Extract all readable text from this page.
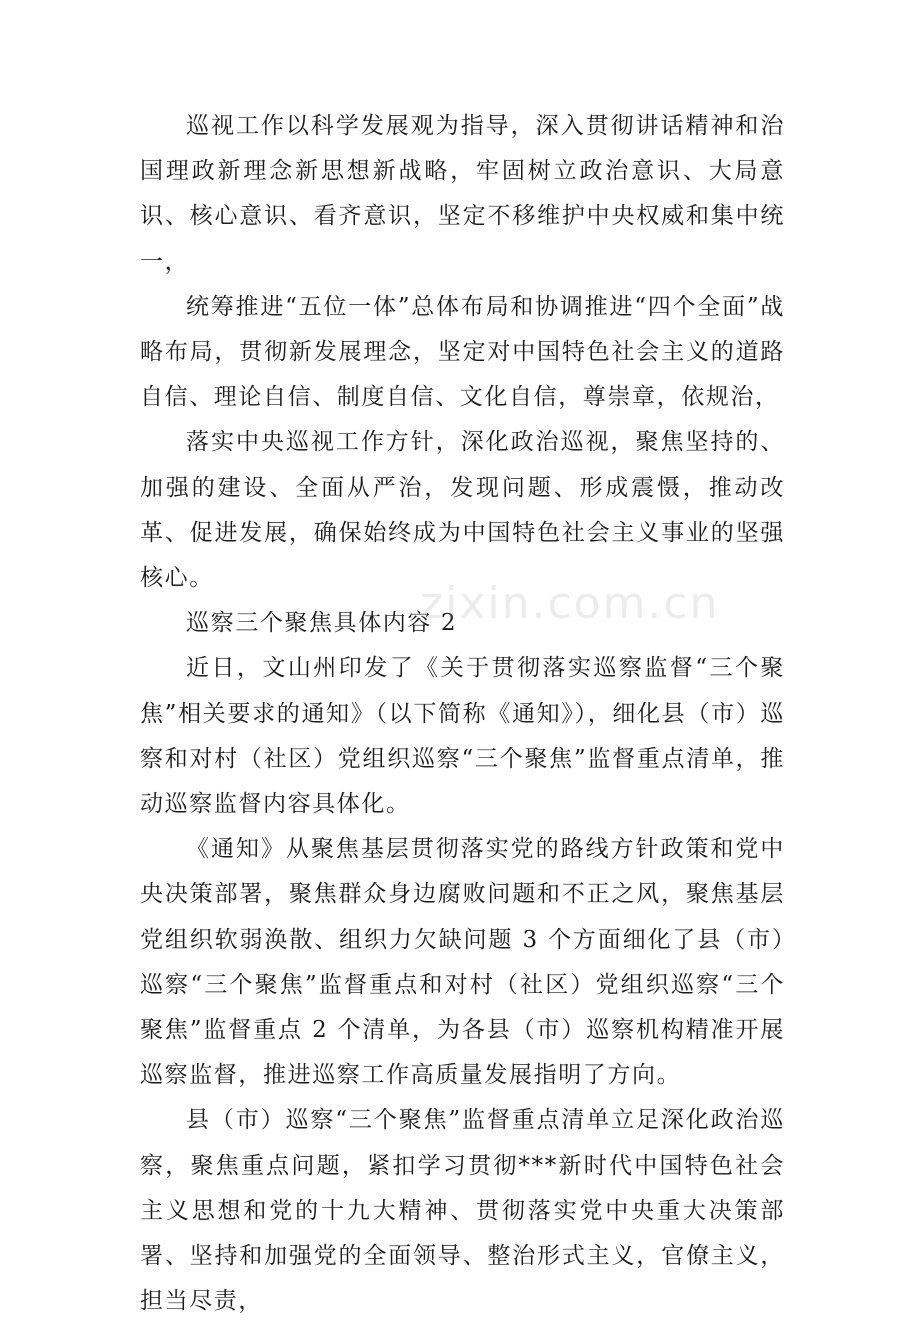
巡视工作以科学发展观为指导，深入贯彻讲话精神和治国理政新理念新思想新战略，牢固树立政治意识、大局意识、核心意识、看齐意识，坚定不移维护中央权威和集中统一，

统筹推进“五位一体”总体布局和协调推进“四个全面”战略布局，贯彻新发展理念，坚定对中国特色社会主义的道路自信、理论自信、制度自信、文化自信，尊崇章，依规治，

落实中央巡视工作方针，深化政治巡视，聚焦坚持的、加强的建设、全面从严治，发现问题、形成震慑，推动改革、促进发展，确保始终成为中国特色社会主义事业的坚强核心。

巡察三个聚焦具体内容 2

近日，文山州印发了《关于贯彻落实巡察监督“三个聚焦”相关要求的通知》（以下简称《通知》），细化县（市）巡察和对村（社区）党组织巡察“三个聚焦”监督重点清单，推动巡察监督内容具体化。

《通知》从聚焦基层贯彻落实党的路线方针政策和党中央决策部署，聚焦群众身边腐败问题和不正之风，聚焦基层党组织软弱涣散、组织力欠缺问题 3 个方面细化了县（市）巡察“三个聚焦”监督重点和对村（社区）党组织巡察“三个聚焦”监督重点 2 个清单，为各县（市）巡察机构精准开展巡察监督，推进巡察工作高质量发展指明了方向。

县（市）巡察“三个聚焦”监督重点清单立足深化政治巡察，聚焦重点问题，紧扣学习贯彻***新时代中国特色社会主义思想和党的十九大精神、贯彻落实党中央重大决策部署、坚持和加强党的全面领导、整治形式主义，官僚主义，担当尽责，

zixin.com.cn
